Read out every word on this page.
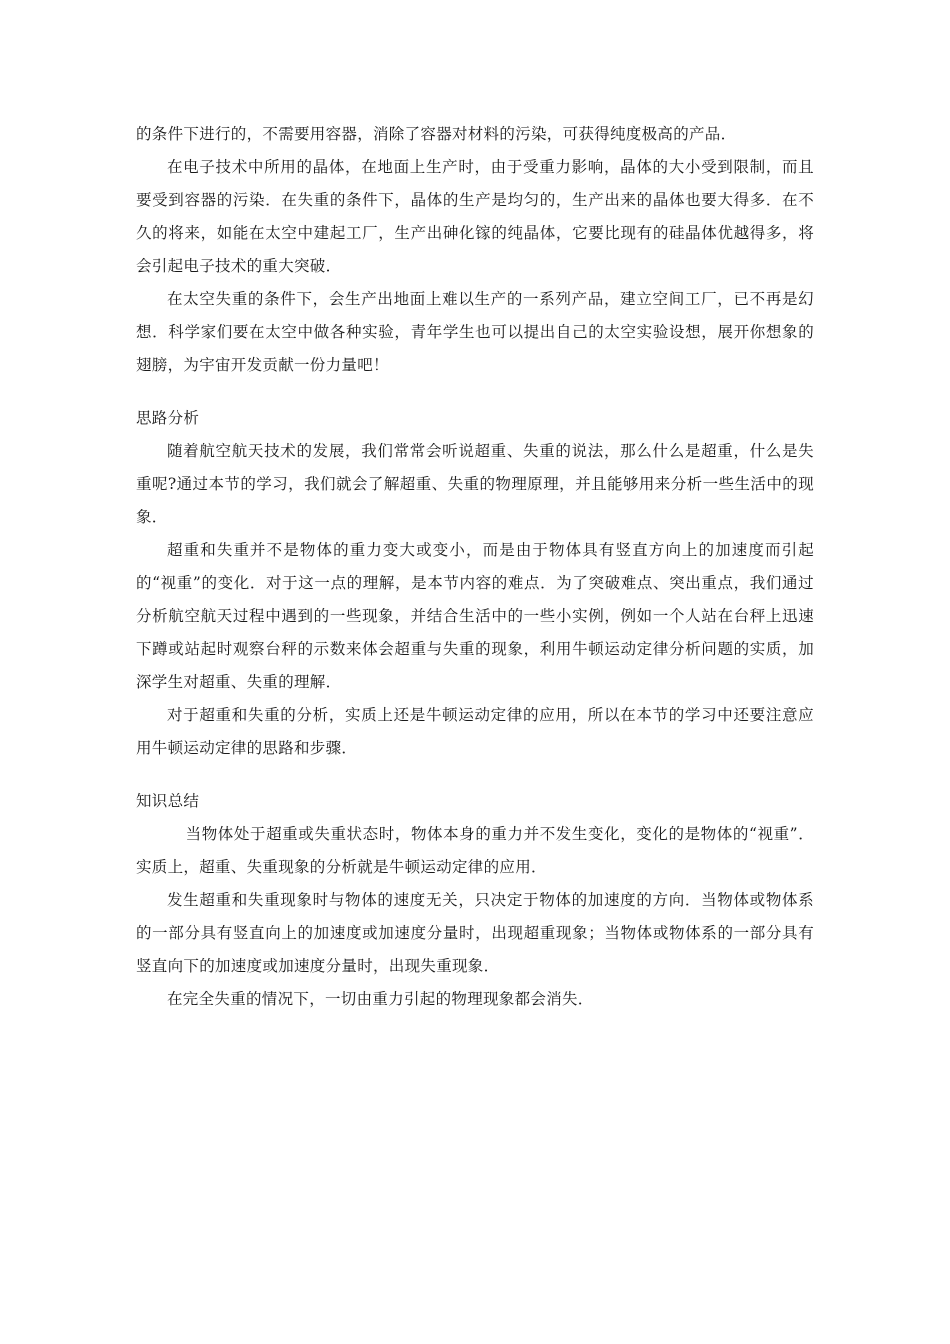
的条件下进行的，不需要用容器，消除了容器对材料的污染，可获得纯度极高的产品．

在电子技术中所用的晶体，在地面上生产时，由于受重力影响，晶体的大小受到限制，而且要受到容器的污染．在失重的条件下，晶体的生产是均匀的，生产出来的晶体也要大得多．在不久的将来，如能在太空中建起工厂，生产出砷化镓的纯晶体，它要比现有的硅晶体优越得多，将会引起电子技术的重大突破．

在太空失重的条件下，会生产出地面上难以生产的一系列产品，建立空间工厂，已不再是幻想．科学家们要在太空中做各种实验，青年学生也可以提出自己的太空实验设想，展开你想象的翅膀，为宇宙开发贡献一份力量吧！

思路分析

随着航空航天技术的发展，我们常常会听说超重、失重的说法，那么什么是超重，什么是失重呢?通过本节的学习，我们就会了解超重、失重的物理原理，并且能够用来分析一些生活中的现象．

超重和失重并不是物体的重力变大或变小，而是由于物体具有竖直方向上的加速度而引起的“视重”的变化．对于这一点的理解，是本节内容的难点．为了突破难点、突出重点，我们通过分析航空航天过程中遇到的一些现象，并结合生活中的一些小实例，例如一个人站在台秤上迅速下蹲或站起时观察台秤的示数来体会超重与失重的现象，利用牛顿运动定律分析问题的实质，加深学生对超重、失重的理解．

对于超重和失重的分析，实质上还是牛顿运动定律的应用，所以在本节的学习中还要注意应用牛顿运动定律的思路和步骤．

知识总结

当物体处于超重或失重状态时，物体本身的重力并不发生变化，变化的是物体的“视重”．实质上，超重、失重现象的分析就是牛顿运动定律的应用．

发生超重和失重现象时与物体的速度无关，只决定于物体的加速度的方向．当物体或物体系的一部分具有竖直向上的加速度或加速度分量时，出现超重现象；当物体或物体系的一部分具有竖直向下的加速度或加速度分量时，出现失重现象．

在完全失重的情况下，一切由重力引起的物理现象都会消失．
